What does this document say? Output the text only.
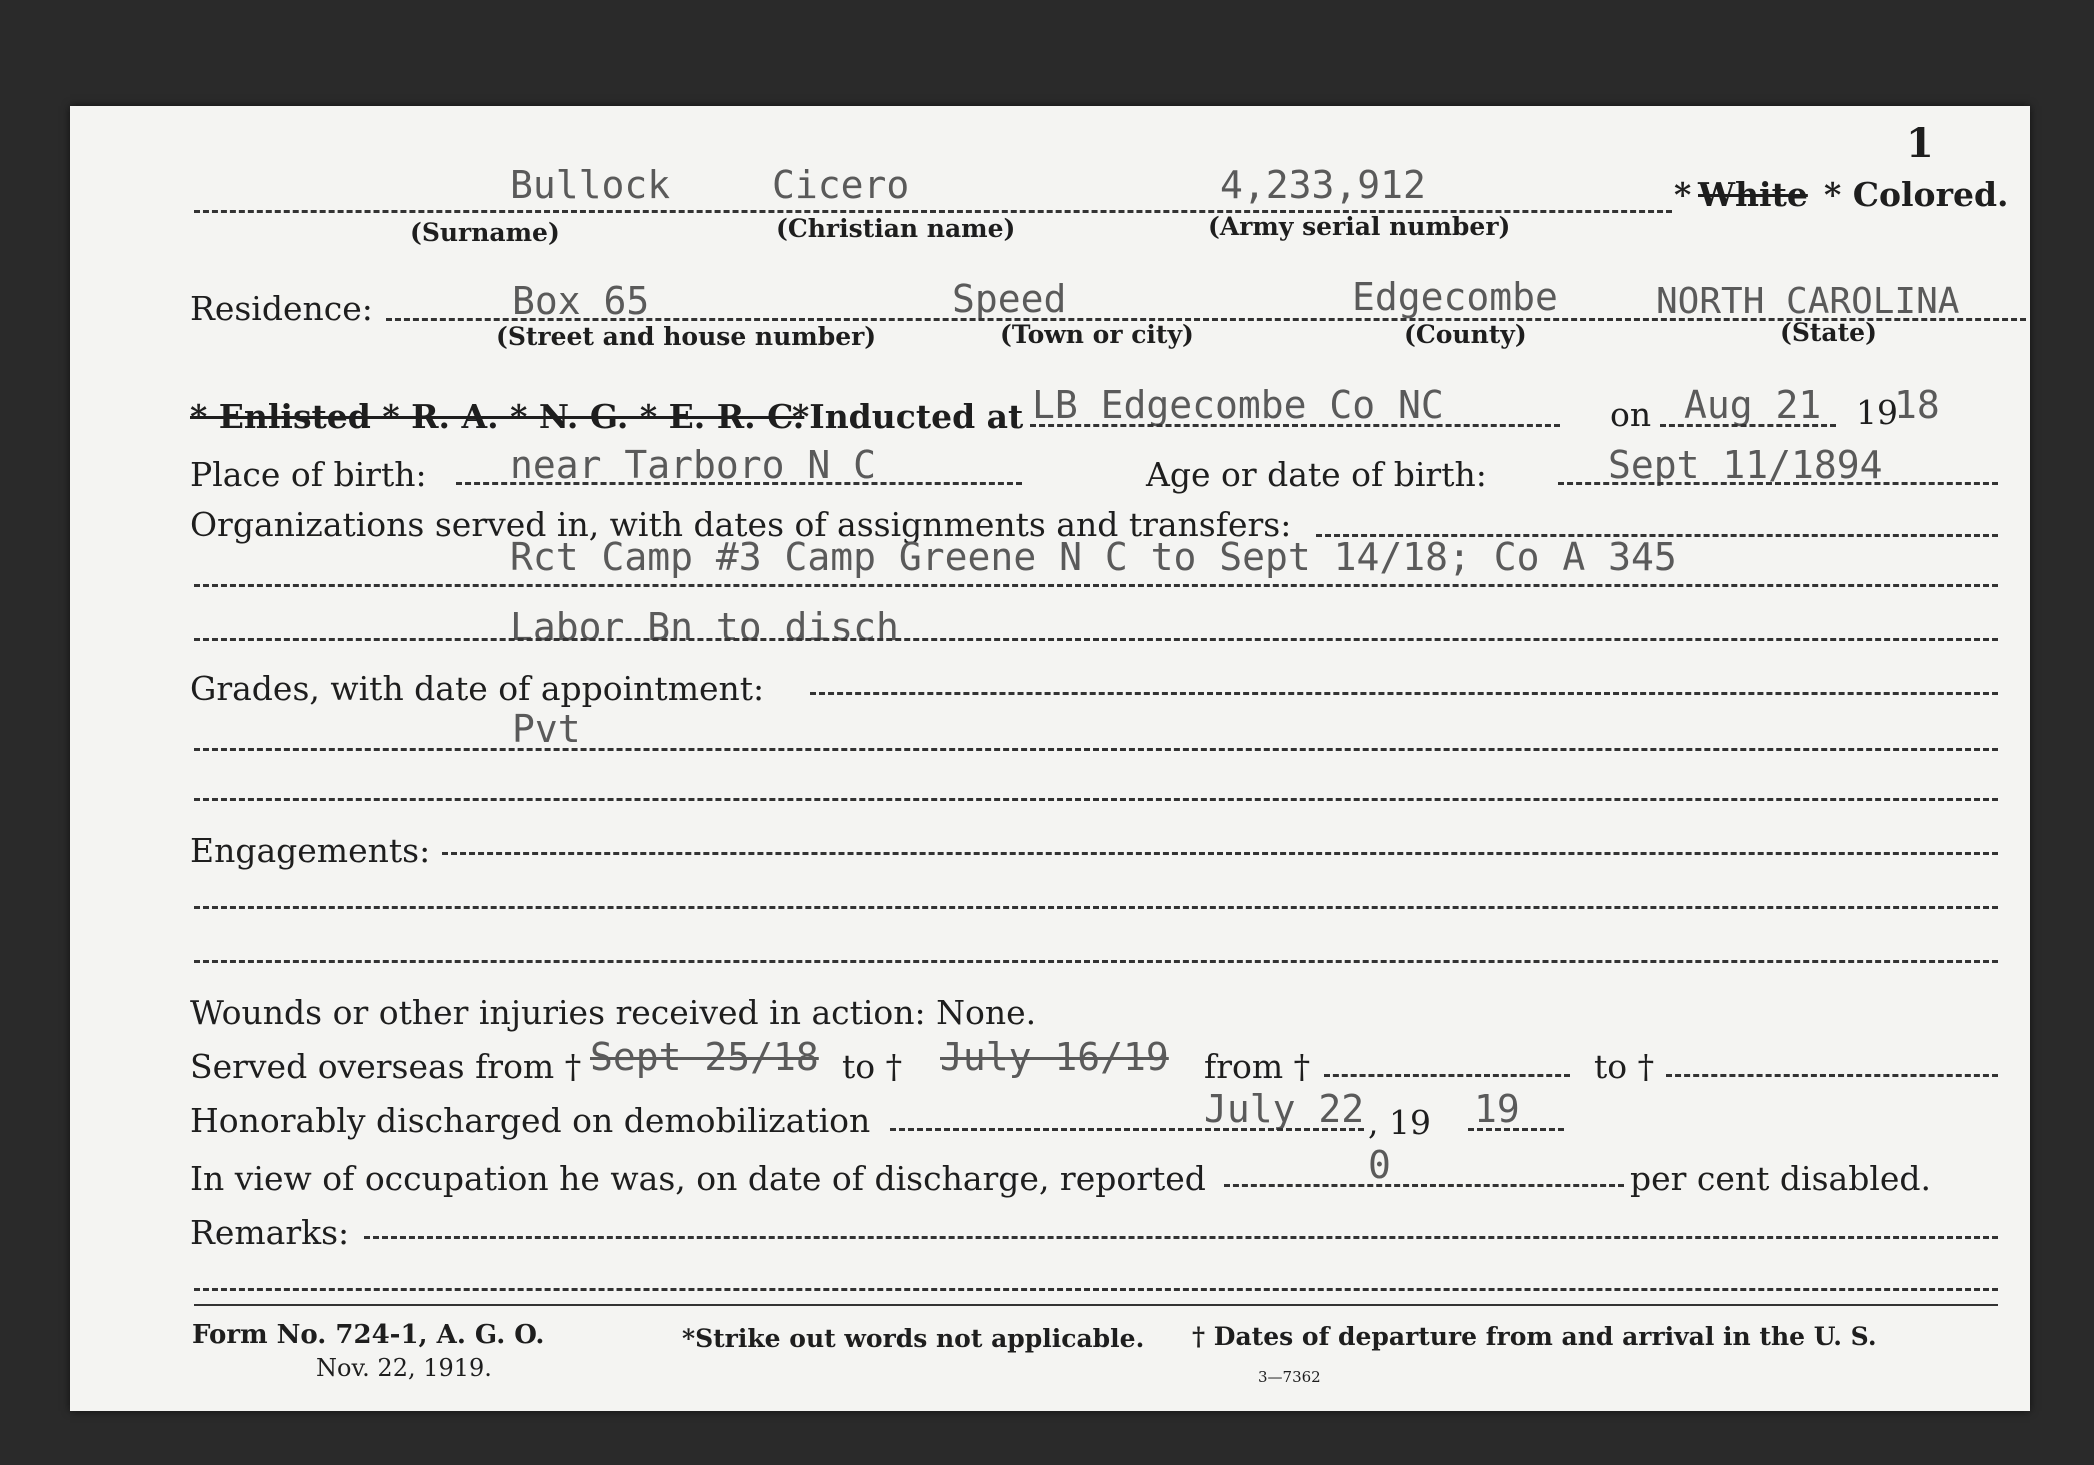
1
Bullock	Cicero	4,233,912	* White * Colored.
(Surname)	(Christian name)	(Army serial number)
Residence:	Box 65	Speed	Edgecombe	NORTH CAROLINA
(Street and house number)	(Town or city)	(County)	(State)
* Enlisted * R. A. * N. G. * E. R. C.
*Inducted at LB Edgecombe Co NC	on Aug 21 19
18
Place of birth: near Tarboro N C	Age or date of birth:	Sept 11/1894
Organizations served in, with dates of assignments and transfers:
Rct Camp #3 Camp Greene N C to Sept 14/18; Co A 345
Labor Bn to disch
Grades, with date of appointment:
Pvt
Engagements:
Wounds or other injuries received in action: None.
Served overseas from † Sept 25/18 to † July 16/19 from †	to †
Honorably discharged on demobilization	July 22 , 19 19
In view of occupation he was, on date of discharge, reported	0	per cent disabled.
Remarks:
Form No. 724-1, A. G. O.
Nov. 22, 1919.
*Strike out words not applicable. † Dates of departure from and arrival in the U. S.
3—7362
